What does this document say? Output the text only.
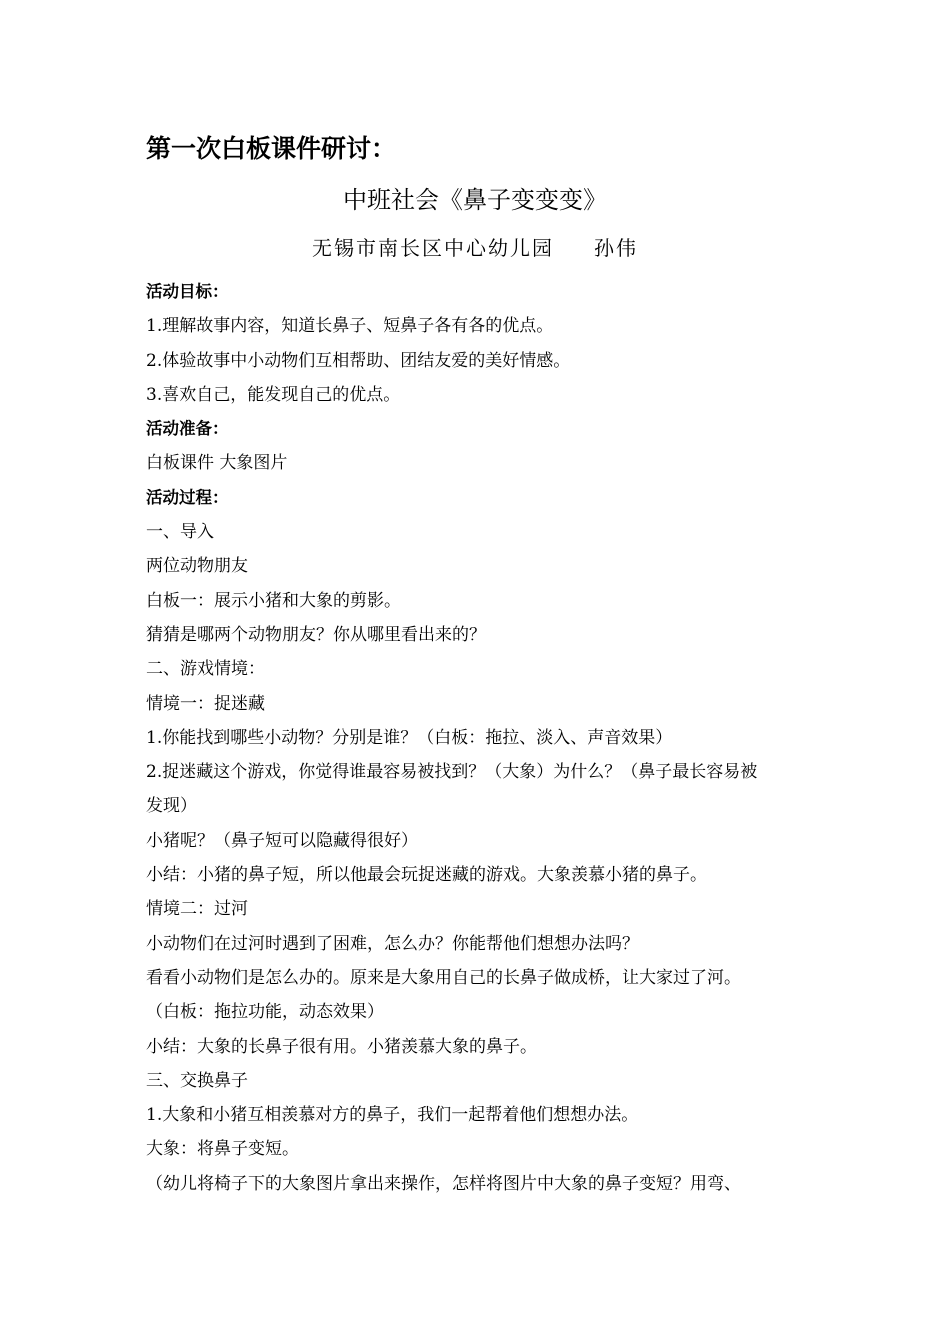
第一次白板课件研讨：
中班社会《鼻子变变变》
无锡市南长区中心幼儿园 孙伟
活动目标：
1.理解故事内容，知道长鼻子、短鼻子各有各的优点。
2.体验故事中小动物们互相帮助、团结友爱的美好情感。
3.喜欢自己，能发现自己的优点。
活动准备：
白板课件 大象图片
活动过程：
一、导入
两位动物朋友
白板一：展示小猪和大象的剪影。
猜猜是哪两个动物朋友？你从哪里看出来的？
二、游戏情境：
情境一：捉迷藏
1.你能找到哪些小动物？分别是谁？（白板：拖拉、淡入、声音效果）
2.捉迷藏这个游戏，你觉得谁最容易被找到？（大象）为什么？（鼻子最长容易被
发现）
小猪呢？（鼻子短可以隐藏得很好）
小结：小猪的鼻子短，所以他最会玩捉迷藏的游戏。大象羡慕小猪的鼻子。
情境二：过河
小动物们在过河时遇到了困难，怎么办？你能帮他们想想办法吗？
看看小动物们是怎么办的。原来是大象用自己的长鼻子做成桥，让大家过了河。
（白板：拖拉功能，动态效果）
小结：大象的长鼻子很有用。小猪羡慕大象的鼻子。
三、交换鼻子
1.大象和小猪互相羡慕对方的鼻子，我们一起帮着他们想想办法。
大象：将鼻子变短。
（幼儿将椅子下的大象图片拿出来操作，怎样将图片中大象的鼻子变短？用弯、
